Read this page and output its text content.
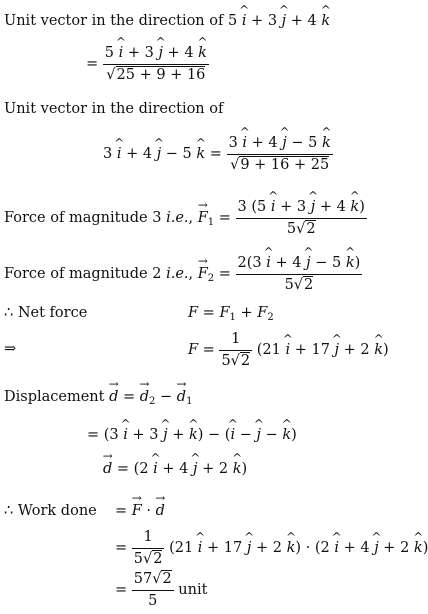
Unit vector in the direction of 5 ^ i + 3 ^ j + 4 ^ k
= $\frac{5 \^{} i + 3 \^{} j + 4 \^{} k}{√25 + 9 + 16}$
Unit vector in the direction of
3 ^ i + 4 ^ j − 5 ^ $k = \frac{3 \^{} i + 4 \^{} j - 5 \^{} k}{√9 + 16 + 25}$
Force of magnitude 3 i.e., → $F_1 = \frac{3 (5 \^{} i + 3 \^{} j + 4 \^{} k)}{5√2}$
Force of magnitude 2 i.e., → $F_2 = \frac{2(3 \^{} i + 4 \^{} j - 5 \^{} k)}{5√2}$
∴ Net force	$F = F_1 + F_2$
⇒	$F = \frac{1}{5√2} (21$ ^ i + 17 ^ j + 2 ^ k)
Displacement → d = → $d_2$ − → $d_1$
= (3 ^ i + 3 ^ j + ^ k) − (^ i − ^ j − ^ k)
→ d = (2 ^ i + 4 ^ j + 2 ^ k)
∴ Work done = → F · → d
= $\frac{1}{5√2} (21$ ^ i + 17 ^ j + 2 ^ k) · (2 ^ i + 4 ^ j + 2 ^ k)
= $\frac{57√2}{5}$ unit
